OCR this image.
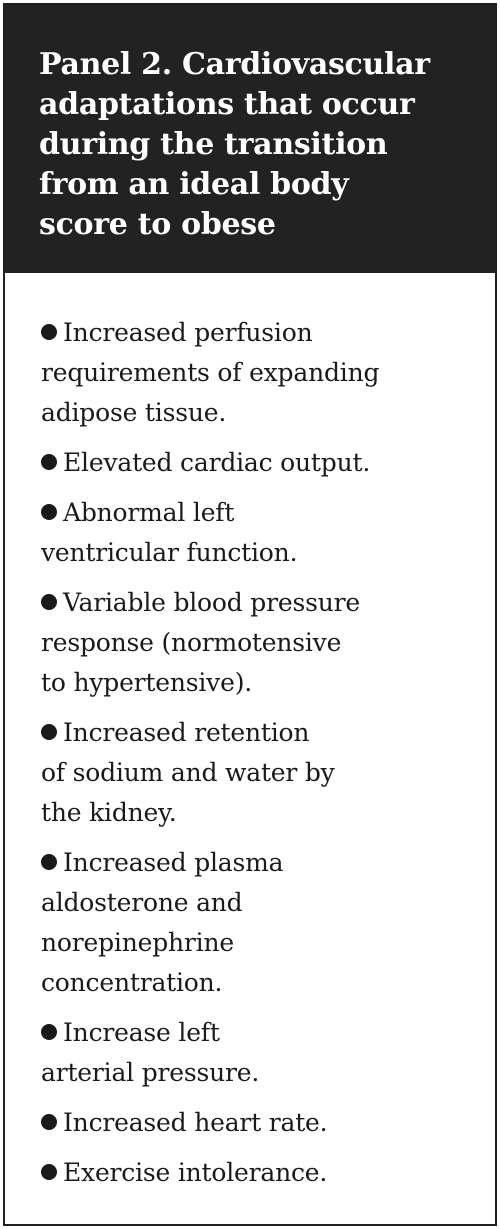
Panel 2. Cardiovascular
adaptations that occur
during the transition
from an ideal body
score to obese
Increased perfusion
requirements of expanding
adipose tissue.
Elevated cardiac output.
Abnormal left
ventricular function.
Variable blood pressure
response (normotensive
to hypertensive).
Increased retention
of sodium and water by
the kidney.
Increased plasma
aldosterone and
norepinephrine
concentration.
Increase left
arterial pressure.
Increased heart rate.
Exercise intolerance.
